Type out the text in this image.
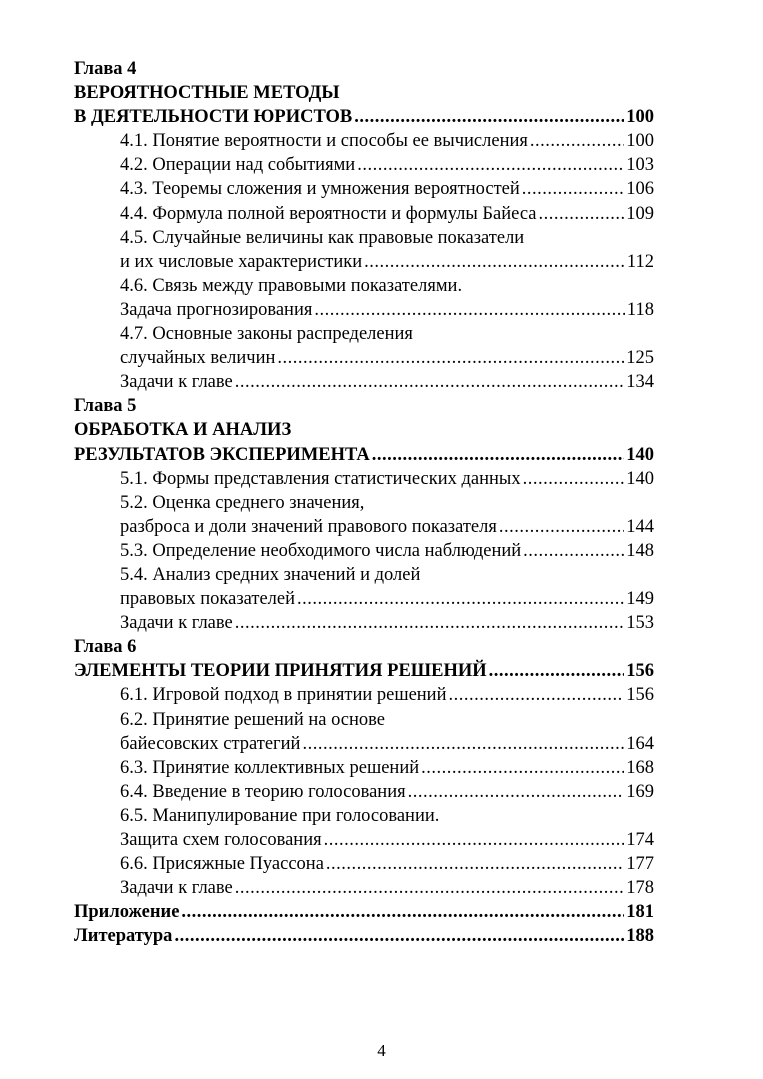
Глава 4
ВЕРОЯТНОСТНЫЕ МЕТОДЫ
В ДЕЯТЕЛЬНОСТИ ЮРИСТОВ .....	100
4.1. Понятие вероятности и способы ее вычисления .....	100
4.2. Операции над событиями .....	103
4.3. Теоремы сложения и умножения вероятностей .....	106
4.4. Формула полной вероятности и формулы Байеса .....	109
4.5. Случайные величины как правовые показатели
и их числовые характеристики .....	112
4.6. Связь между правовыми показателями.
Задача прогнозирования .....	118
4.7. Основные законы распределения
случайных величин .....	125
Задачи к главе .....	134
Глава 5
ОБРАБОТКА И АНАЛИЗ
РЕЗУЛЬТАТОВ ЭКСПЕРИМЕНТА .....	140
5.1. Формы представления статистических данных .....	140
5.2. Оценка среднего значения,
разброса и доли значений правового показателя .....	144
5.3. Определение необходимого числа наблюдений .....	148
5.4. Анализ средних значений и долей
правовых показателей .....	149
Задачи к главе .....	153
Глава 6
ЭЛЕМЕНТЫ ТЕОРИИ ПРИНЯТИЯ РЕШЕНИЙ .....	156
6.1. Игровой подход в принятии решений .....	156
6.2. Принятие решений на основе
байесовских стратегий .....	164
6.3. Принятие коллективных решений .....	168
6.4. Введение в теорию голосования .....	169
6.5. Манипулирование при голосовании.
Защита схем голосования .....	174
6.6. Присяжные Пуассона .....	177
Задачи к главе .....	178
Приложение .....	181
Литература .....	188
4
